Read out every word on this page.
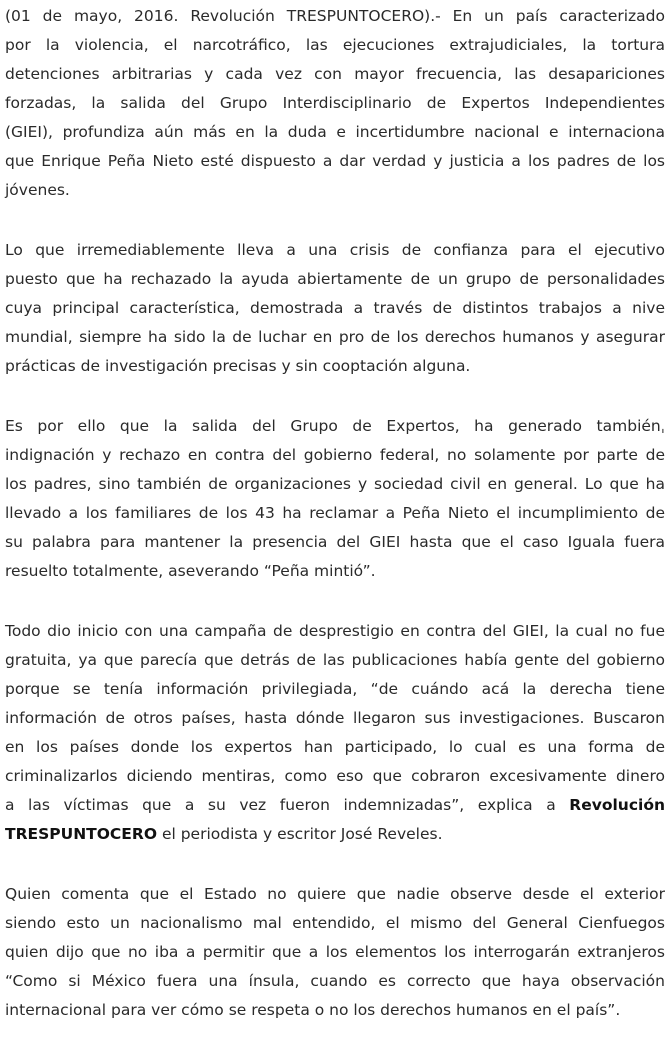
(01 de mayo, 2016. Revolución TRESPUNTOCERO).- En un país caracterizado
por la violencia, el narcotráfico, las ejecuciones extrajudiciales, la tortura
detenciones arbitrarias y cada vez con mayor frecuencia, las desapariciones
forzadas, la salida del Grupo Interdisciplinario de Expertos Independientes
(GIEI), profundiza aún más en la duda e incertidumbre nacional e internaciona
que Enrique Peña Nieto esté dispuesto a dar verdad y justicia a los padres de los
jóvenes.
Lo que irremediablemente lleva a una crisis de confianza para el ejecutivo
puesto que ha rechazado la ayuda abiertamente de un grupo de personalidades
cuya principal característica, demostrada a través de distintos trabajos a nive
mundial, siempre ha sido la de luchar en pro de los derechos humanos y asegurar
prácticas de investigación precisas y sin cooptación alguna.
Es por ello que la salida del Grupo de Expertos, ha generado tambiénˌ
indignación y rechazo en contra del gobierno federal, no solamente por parte de
los padres, sino también de organizaciones y sociedad civil en general. Lo que ha
llevado a los familiares de los 43 ha reclamar a Peña Nieto el incumplimiento de
su palabra para mantener la presencia del GIEI hasta que el caso Iguala fuera
resuelto totalmente, aseverando “Peña mintió”.
Todo dio inicio con una campaña de desprestigio en contra del GIEI, la cual no fue
gratuita, ya que parecía que detrás de las publicaciones había gente del gobierno
porque se tenía información privilegiada, “de cuándo acá la derecha tiene
información de otros países, hasta dónde llegaron sus investigaciones. Buscaron
en los países donde los expertos han participado, lo cual es una forma de
criminalizarlos diciendo mentiras, como eso que cobraron excesivamente dinero
a las víctimas que a su vez fueron indemnizadas”, explica a Revolución
TRESPUNTOCERO el periodista y escritor José Reveles.
Quien comenta que el Estado no quiere que nadie observe desde el exterior
siendo esto un nacionalismo mal entendido, el mismo del General Cienfuegos
quien dijo que no iba a permitir que a los elementos los interrogarán extranjeros
“Como si México fuera una ínsula, cuando es correcto que haya observación
internacional para ver cómo se respeta o no los derechos humanos en el país”.
